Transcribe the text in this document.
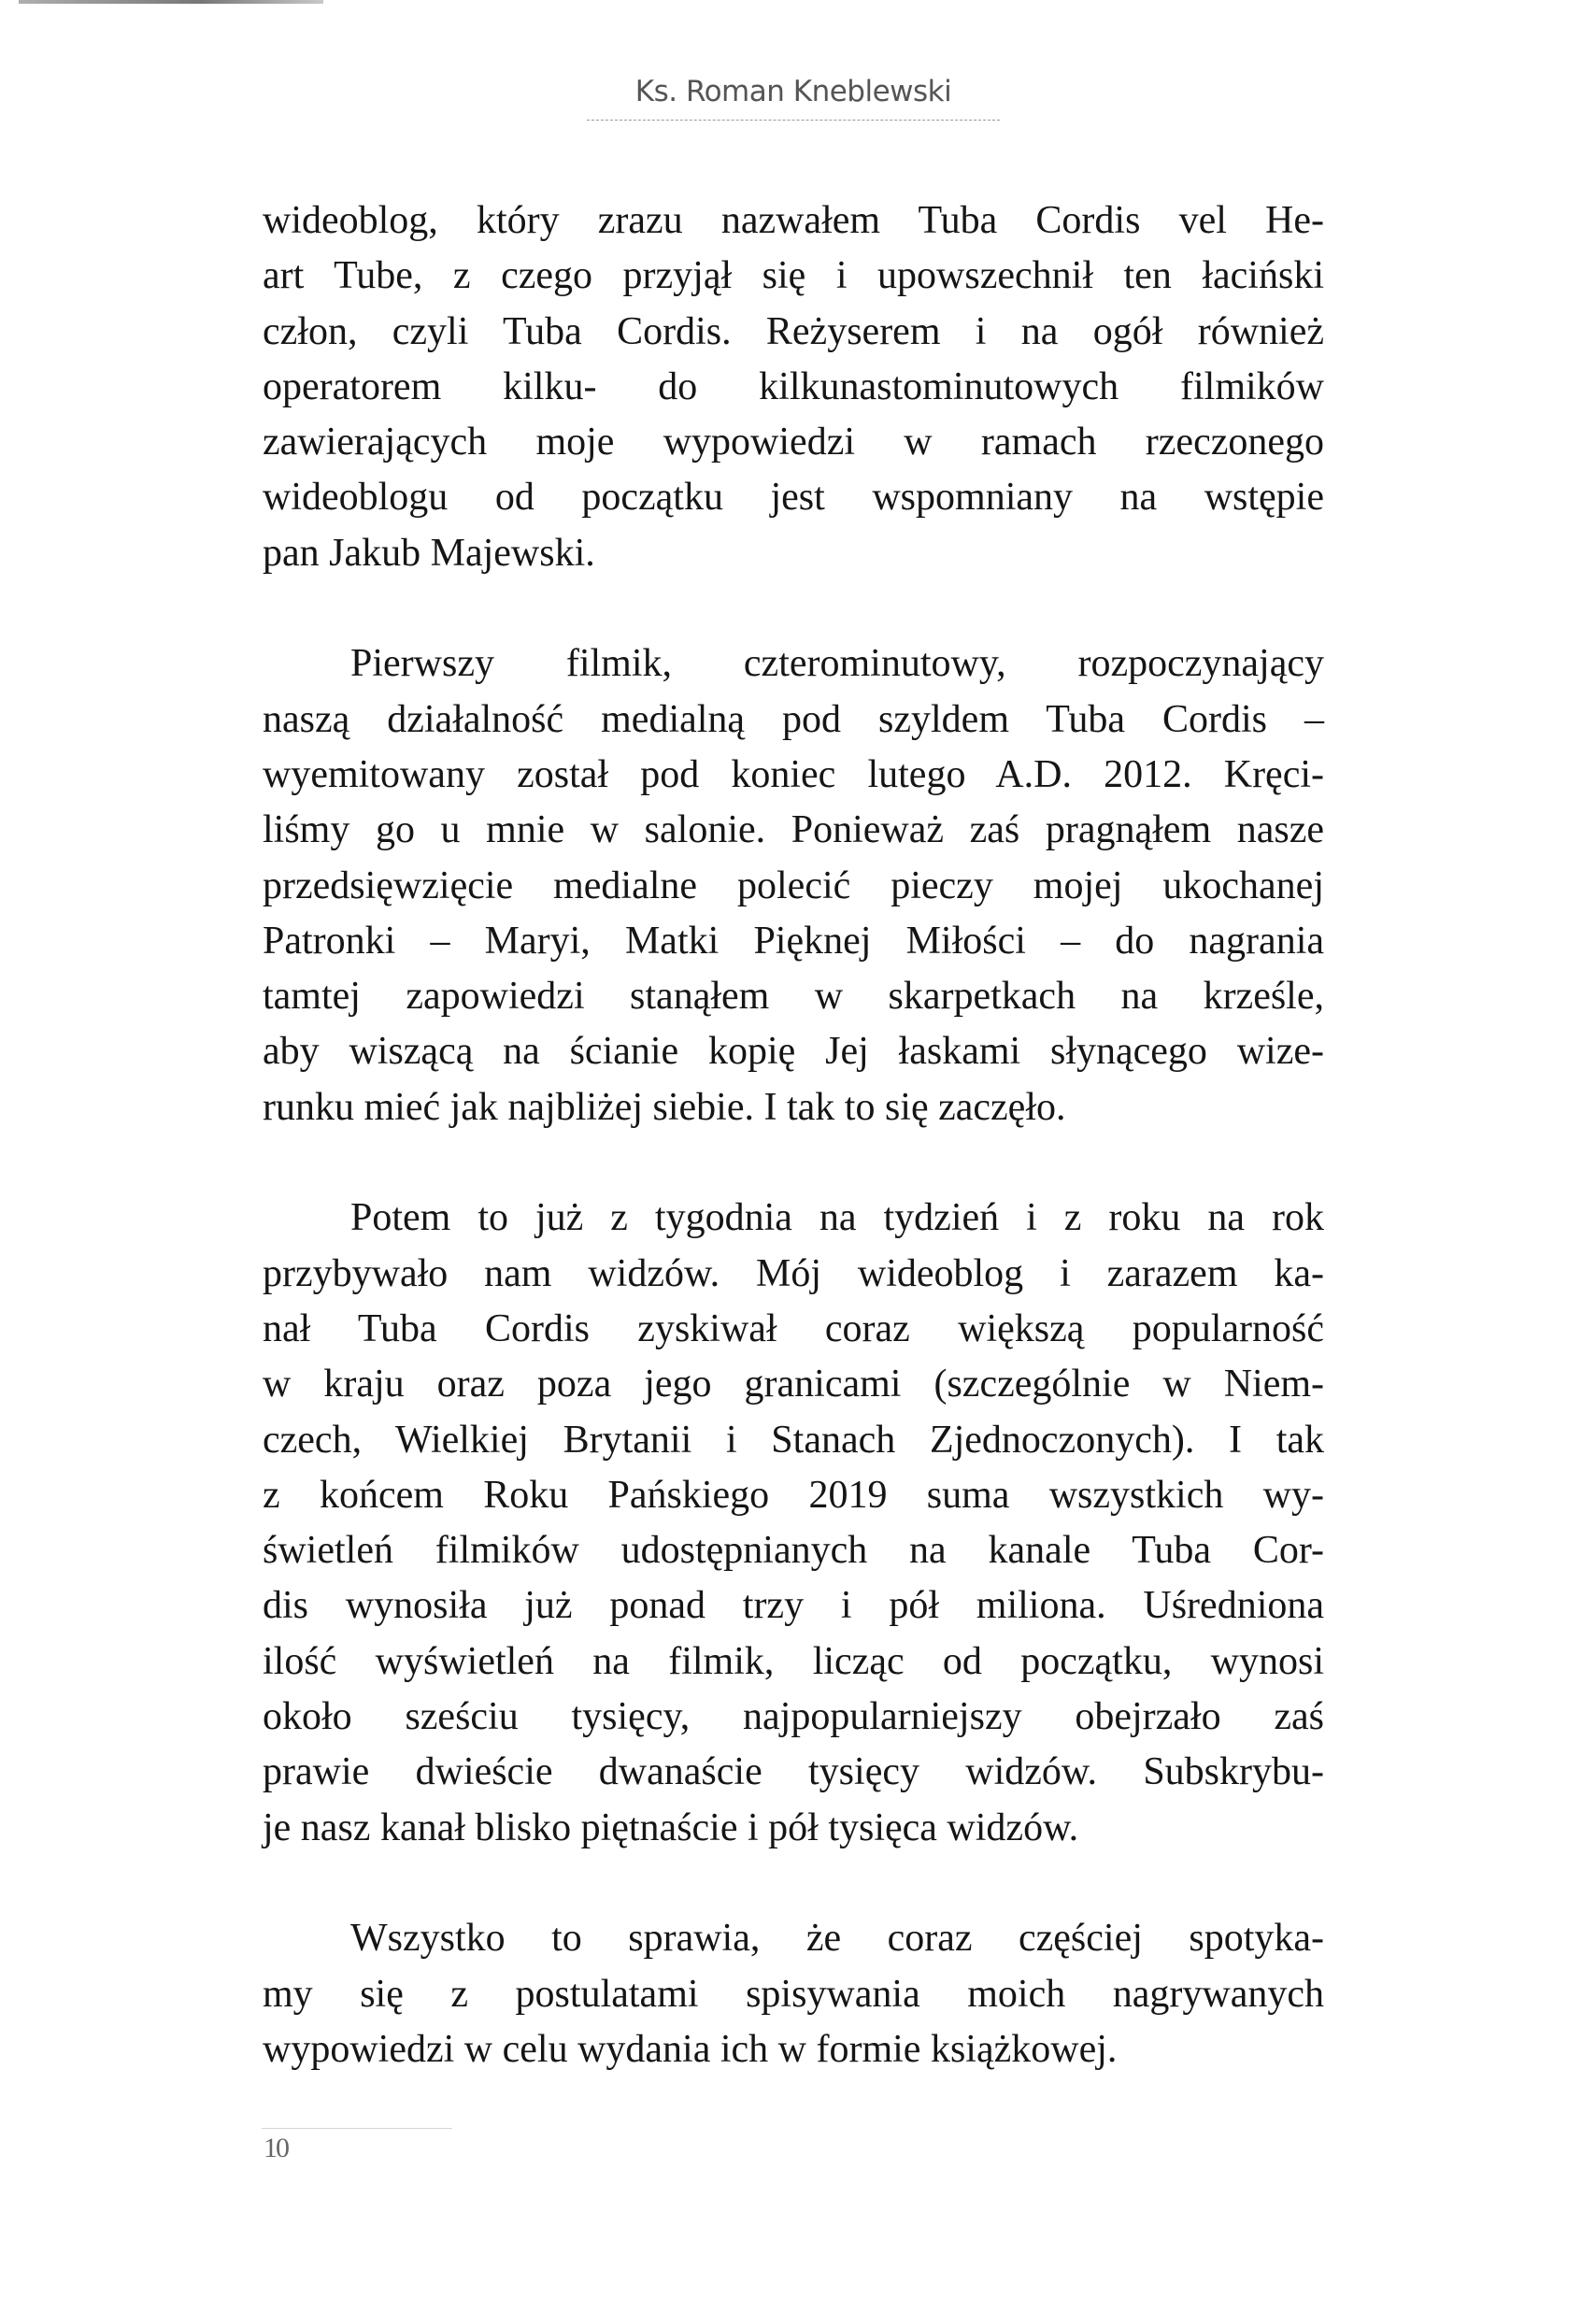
Ks. Roman Kneblewski
wideoblog, który zrazu nazwałem Tuba Cordis vel He-
art Tube, z czego przyjął się i upowszechnił ten łaciński
człon, czyli Tuba Cordis. Reżyserem i na ogół również
operatorem kilku- do kilkunastominutowych filmików
zawierających moje wypowiedzi w ramach rzeczonego
wideoblogu od początku jest wspomniany na wstępie
pan Jakub Majewski.
Pierwszy filmik, czterominutowy, rozpoczynający
naszą działalność medialną pod szyldem Tuba Cordis –
wyemitowany został pod koniec lutego A.D. 2012. Kręci-
liśmy go u mnie w salonie. Ponieważ zaś pragnąłem nasze
przedsięwzięcie medialne polecić pieczy mojej ukochanej
Patronki – Maryi, Matki Pięknej Miłości – do nagrania
tamtej zapowiedzi stanąłem w skarpetkach na krześle,
aby wiszącą na ścianie kopię Jej łaskami słynącego wize-
runku mieć jak najbliżej siebie. I tak to się zaczęło.
Potem to już z tygodnia na tydzień i z roku na rok
przybywało nam widzów. Mój wideoblog i zarazem ka-
nał Tuba Cordis zyskiwał coraz większą popularność
w kraju oraz poza jego granicami (szczególnie w Niem-
czech, Wielkiej Brytanii i Stanach Zjednoczonych). I tak
z końcem Roku Pańskiego 2019 suma wszystkich wy-
świetleń filmików udostępnianych na kanale Tuba Cor-
dis wynosiła już ponad trzy i pół miliona. Uśredniona
ilość wyświetleń na filmik, licząc od początku, wynosi
około sześciu tysięcy, najpopularniejszy obejrzało zaś
prawie dwieście dwanaście tysięcy widzów. Subskrybu-
je nasz kanał blisko piętnaście i pół tysięca widzów.
Wszystko to sprawia, że coraz częściej spotyka-
my się z postulatami spisywania moich nagrywanych
wypowiedzi w celu wydania ich w formie książkowej.
10
